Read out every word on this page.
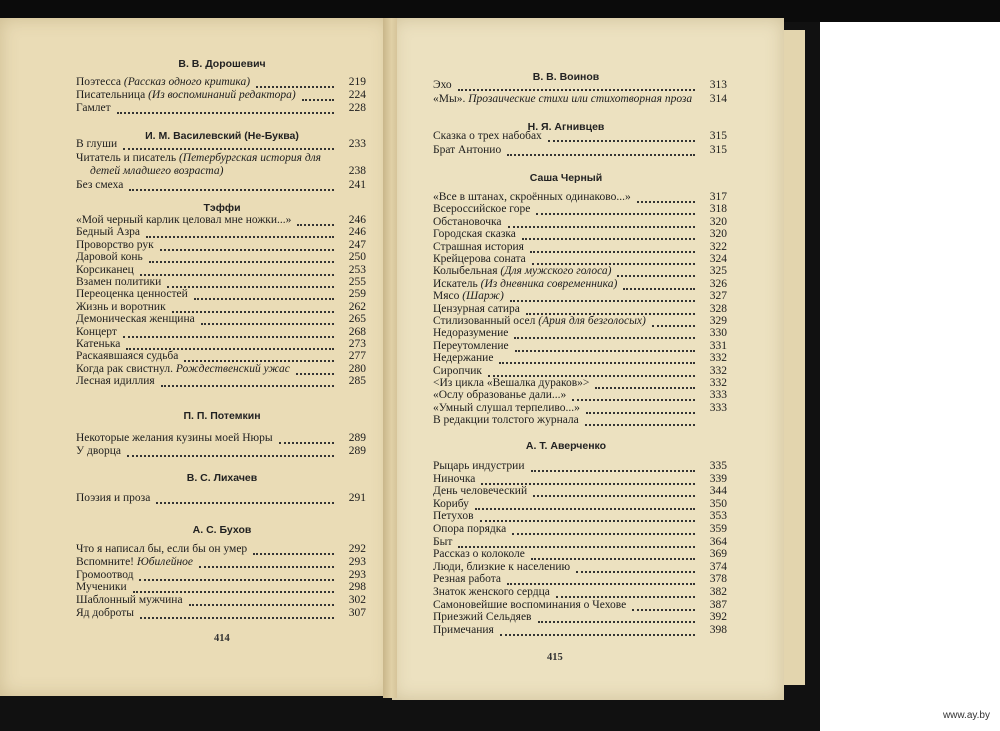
В. В. Дорошевич
Поэтесса (Рассказ одного критика)	219
Писательница (Из воспоминаний редактора)	224
Гамлет	228
И. М. Василевский (Не-Буква)
В глуши	233
Читатель и писатель (Петербургская история для
детей младшего возраста)	238
Без смеха	241
Тэффи
«Мой черный карлик целовал мне ножки...»	246
Бедный Азра	246
Проворство рук	247
Даровой конь	250
Корсиканец	253
Взамен политики	255
Переоценка ценностей	259
Жизнь и воротник	262
Демоническая женщина	265
Концерт	268
Катенька	273
Раскаявшаяся судьба	277
Когда рак свистнул. Рождественский ужас	280
Лесная идиллия	285
П. П. Потемкин
Некоторые желания кузины моей Нюры	289
У дворца	289
В. С. Лихачев
Поэзия и проза	291
А. С. Бухов
Что я написал бы, если бы он умер	292
Вспомните! Юбилейное	293
Громоотвод	293
Мученики	298
Шаблонный мужчина	302
Яд доброты	307
414
В. В. Воинов
Эхо	313
«Мы». Прозаические стихи или стихотворная проза	314
Н. Я. Агнивцев
Сказка о трех набобах	315
Брат Антонио	315
Саша Черный
«Все в штанах, скроённых одинаково...»	317
Всероссийское горе	318
Обстановочка	320
Городская сказка	320
Страшная история	322
Крейцерова соната	324
Колыбельная (Для мужского голоса)	325
Искатель (Из дневника современника)	326
Мясо (Шарж)	327
Цензурная сатира	328
Стилизованный осел (Ария для безголосых)	329
Недоразумение	330
Переутомление	331
Недержание	332
Сиропчик	332
<Из цикла «Вешалка дураков»>	332
«Ослу образованье дали...»	333
«Умный слушал терпеливо...»	333
В редакции толстого журнала
А. Т. Аверченко
Рыцарь индустрии	335
Ниночка	339
День человеческий	344
Корибу	350
Петухов	353
Опора порядка	359
Быт	364
Рассказ о колоколе	369
Люди, близкие к населению	374
Резная работа	378
Знаток женского сердца	382
Самоновейшие воспоминания о Чехове	387
Приезжий Сельдяев	392
Примечания	398
415
www.ay.by
